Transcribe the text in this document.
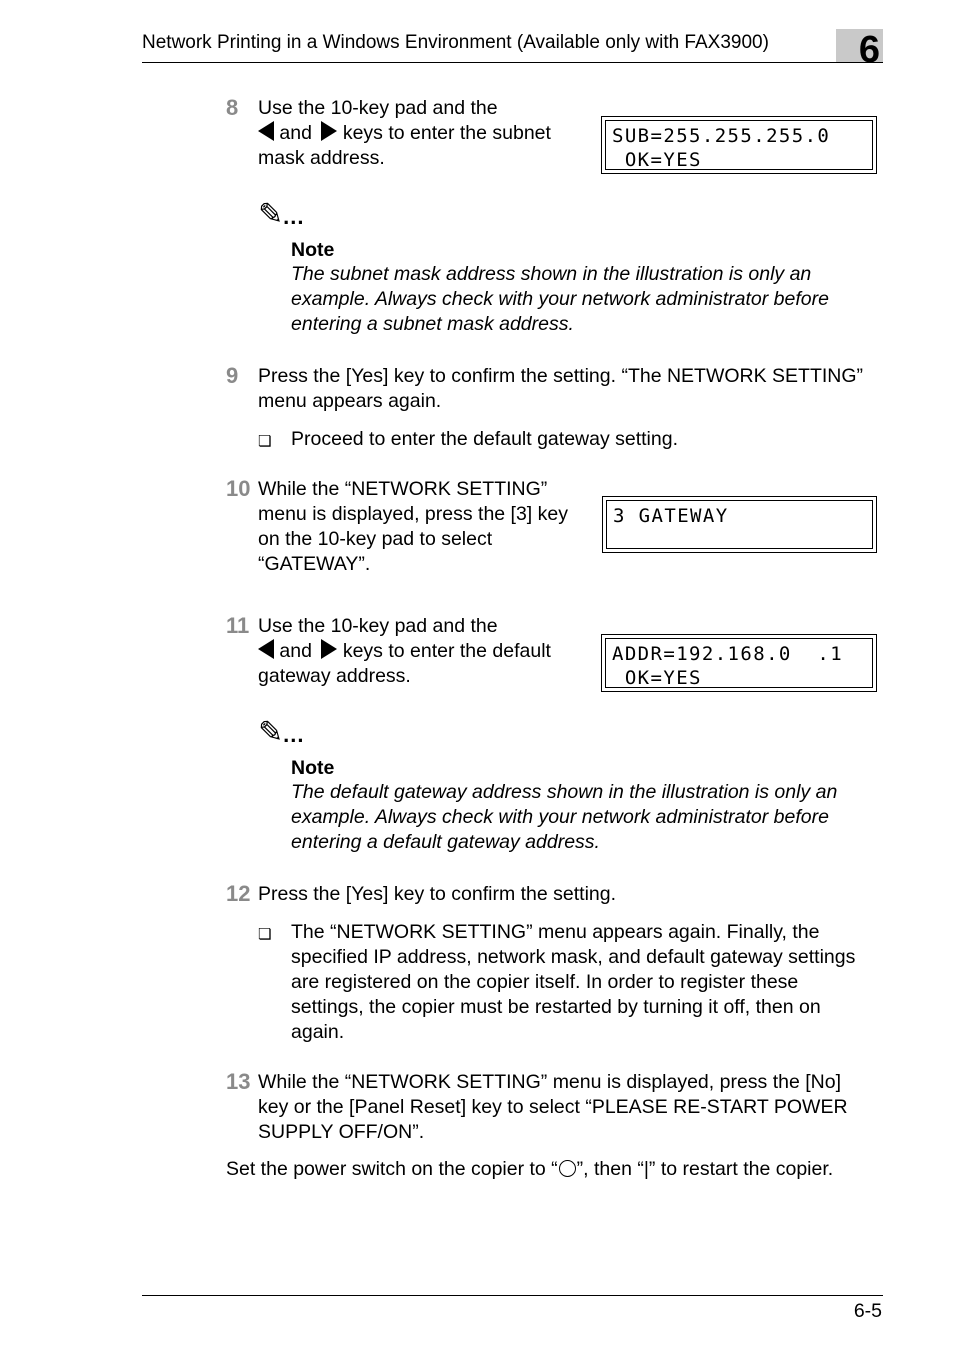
Network Printing in a Windows Environment (Available only with FAX3900) 6
8 Use the 10-key pad and the
and keys to enter the subnet
mask address.
SUB=255.255.255.0
OK=YES
✎...
Note
The subnet mask address shown in the illustration is only an
example. Always check with your network administrator before
entering a subnet mask address.
9 Press the [Yes] key to confirm the setting. “The NETWORK SETTING”
menu appears again.
❏ Proceed to enter the default gateway setting.
10 While the “NETWORK SETTING”
menu is displayed, press the [3] key
on the 10-key pad to select
“GATEWAY”.
3 GATEWAY
11 Use the 10-key pad and the
and keys to enter the default
gateway address.
ADDR=192.168.0  .1
OK=YES
✎...
Note
The default gateway address shown in the illustration is only an
example. Always check with your network administrator before
entering a default gateway address.
12 Press the [Yes] key to confirm the setting.
❏ The “NETWORK SETTING” menu appears again. Finally, the
specified IP address, network mask, and default gateway settings
are registered on the copier itself. In order to register these
settings, the copier must be restarted by turning it off, then on
again.
13 While the “NETWORK SETTING” menu is displayed, press the [No]
key or the [Panel Reset] key to select “PLEASE RE-START POWER
SUPPLY OFF/ON”.
Set the power switch on the copier to “ ”, then “|” to restart the copier.
6-5
